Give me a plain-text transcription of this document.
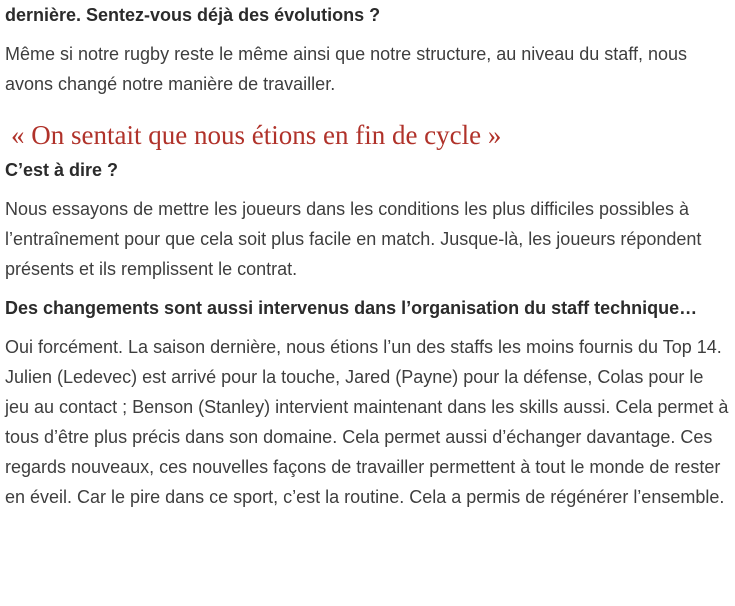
dernière. Sentez-vous déjà des évolutions ?

Même si notre rugby reste le même ainsi que notre structure, au niveau du staff, nous avons changé notre manière de travailler.

« On sentait que nous étions en fin de cycle »

C’est à dire ?

Nous essayons de mettre les joueurs dans les conditions les plus difficiles possibles à l’entraînement pour que cela soit plus facile en match. Jusque-là, les joueurs répondent présents et ils remplissent le contrat.

Des changements sont aussi intervenus dans l’organisation du staff technique…

Oui forcément. La saison dernière, nous étions l’un des staffs les moins fournis du Top 14. Julien (Ledevec) est arrivé pour la touche, Jared (Payne) pour la défense, Colas pour le jeu au contact ; Benson (Stanley) intervient maintenant dans les skills aussi. Cela permet à tous d’être plus précis dans son domaine. Cela permet aussi d’échanger davantage. Ces regards nouveaux, ces nouvelles façons de travailler permettent à tout le monde de rester en éveil. Car le pire dans ce sport, c’est la routine. Cela a permis de régénérer l’ensemble.
